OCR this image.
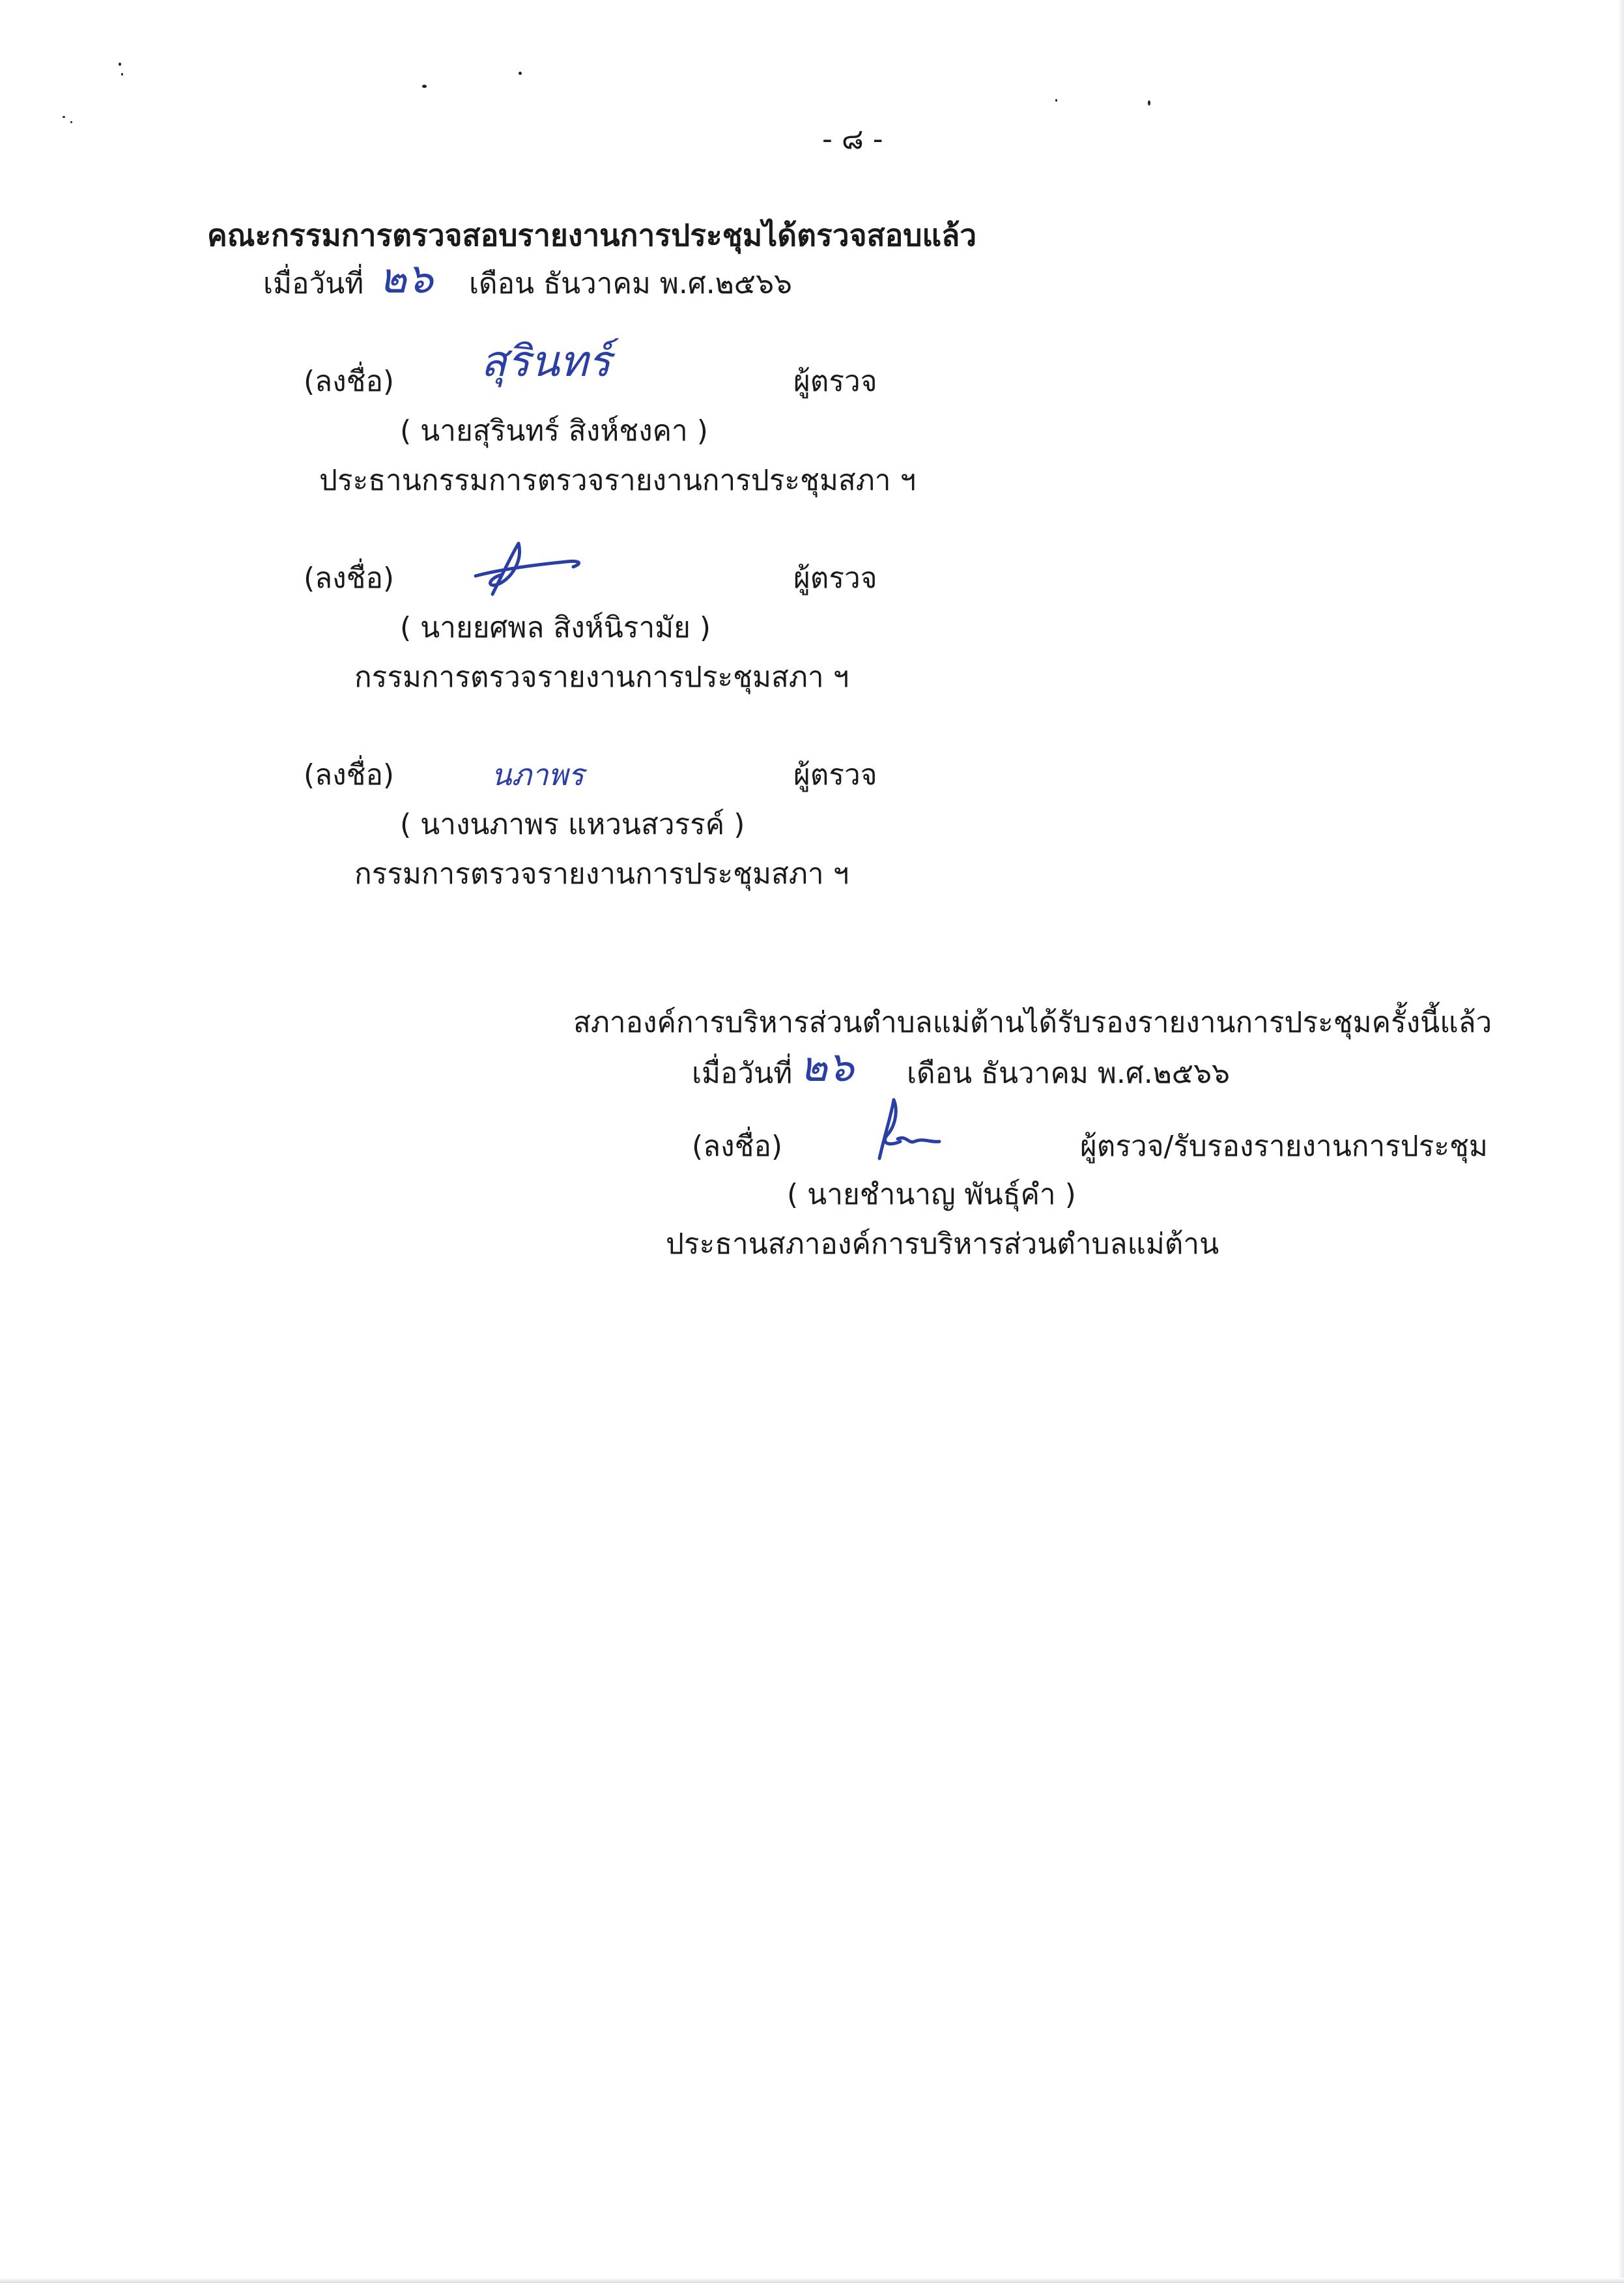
- ๘ -
คณะกรรมการตรวจสอบรายงานการประชุมได้ตรวจสอบแล้ว
เมื่อวันที่ ๒๖ เดือน ธันวาคม พ.ศ.๒๕๖๖
(ลงชื่อ) สุรินทร์	ผู้ตรวจ
( นายสุรินทร์ สิงห์ชงคา )
ประธานกรรมการตรวจรายงานการประชุมสภา ฯ
(ลงชื่อ)	ผู้ตรวจ
( นายยศพล สิงห์นิรามัย )
กรรมการตรวจรายงานการประชุมสภา ฯ
(ลงชื่อ)	นภาพร	ผู้ตรวจ
( นางนภาพร แหวนสวรรค์ )
กรรมการตรวจรายงานการประชุมสภา ฯ
สภาองค์การบริหารส่วนตำบลแม่ต้านได้รับรองรายงานการประชุมครั้งนี้แล้ว
เมื่อวันที่ ๒๖ เดือน ธันวาคม พ.ศ.๒๕๖๖
(ลงชื่อ)	ผู้ตรวจ/รับรองรายงานการประชุม
( นายชำนาญ พันธุ์คำ )
ประธานสภาองค์การบริหารส่วนตำบลแม่ต้าน
